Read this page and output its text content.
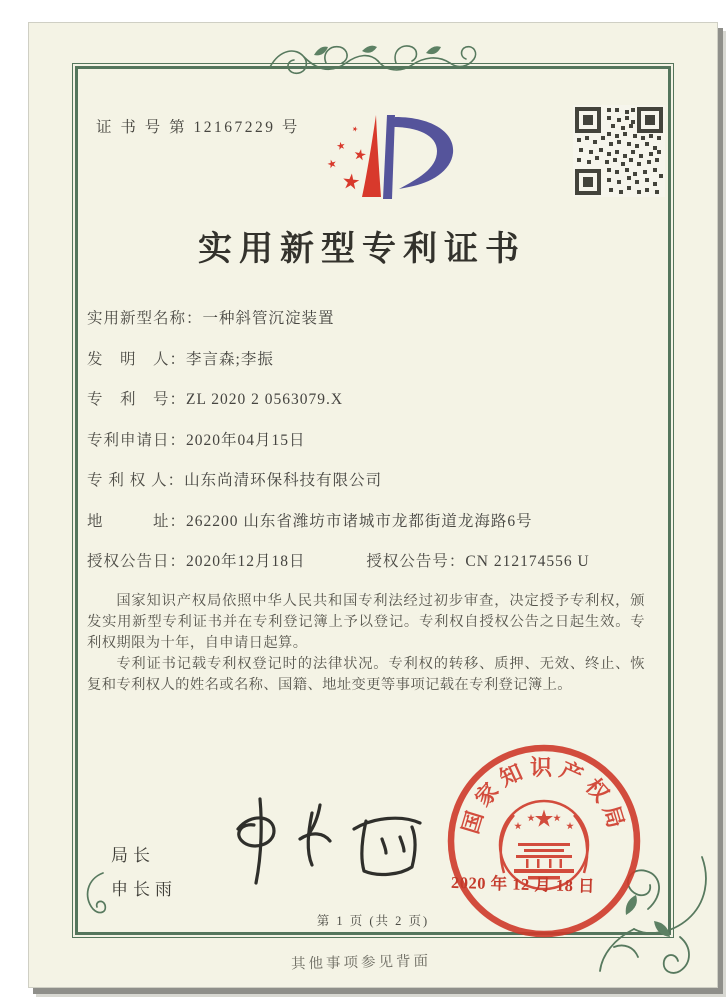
证 书 号 第 12167229 号
实用新型专利证书
实用新型名称：一种斜管沉淀装置
发　明　人：李言森;李振
专　利　号：ZL 2020 2 0563079.X
专利申请日：2020年04月15日
专 利 权 人：山东尚清环保科技有限公司
地　　　址：262200 山东省潍坊市诸城市龙都街道龙海路6号
授权公告日：2020年12月18日	授权公告号：CN 212174556 U

国家知识产权局依照中华人民共和国专利法经过初步审查，决定授予专利权，颁发实用新型专利证书并在专利登记簿上予以登记。专利权自授权公告之日起生效。专利权期限为十年，自申请日起算。

专利证书记载专利权登记时的法律状况。专利权的转移、质押、无效、终止、恢复和专利权人的姓名或名称、国籍、地址变更等事项记载在专利登记簿上。

局长
申长雨
国家知识产权局
2020 年 12 月 18 日
第 1 页 (共 2 页)
其他事项参见背面
